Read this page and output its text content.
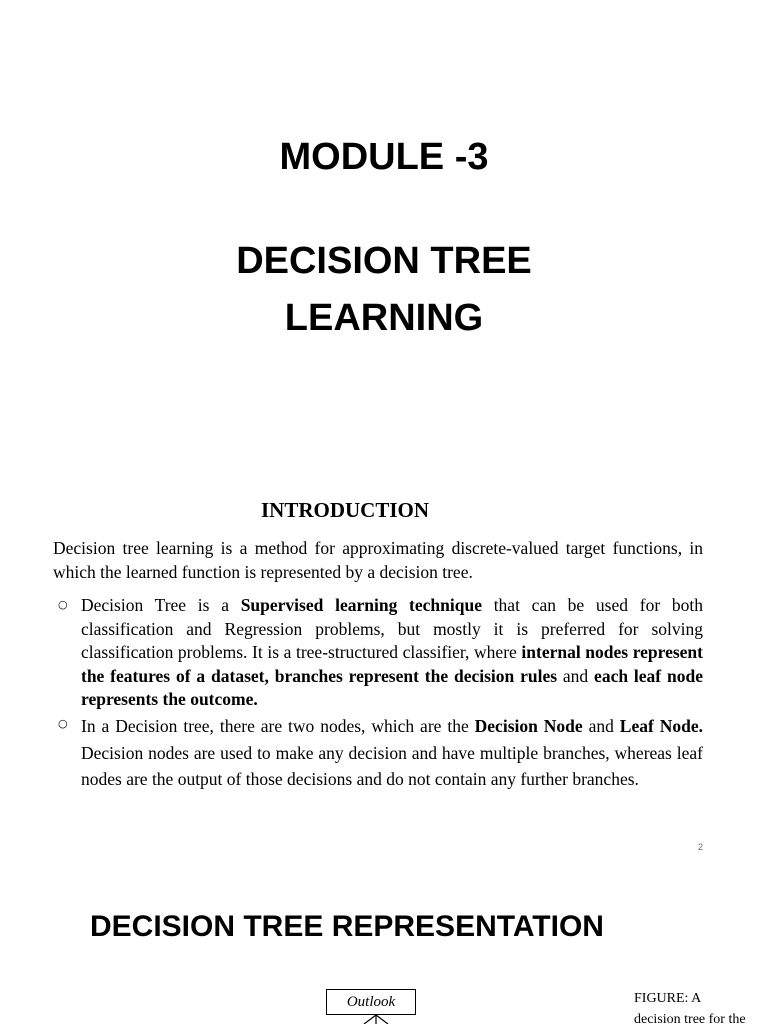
MODULE -3
DECISION TREE
LEARNING
INTRODUCTION

Decision tree learning is a method for approximating discrete-valued target functions, in which the learned function is represented by a decision tree.

○ Decision Tree is a Supervised learning technique that can be used for both classification and Regression problems, but mostly it is preferred for solving classification problems. It is a tree-structured classifier, where internal nodes represent the features of a dataset, branches represent the decision rules and each leaf node represents the outcome.

○ In a Decision tree, there are two nodes, which are the Decision Node and Leaf Node. Decision nodes are used to make any decision and have multiple branches, whereas leaf nodes are the output of those decisions and do not contain any further branches.

2
DECISION TREE REPRESENTATION
Outlook	FIGURE: A
decision tree for the
